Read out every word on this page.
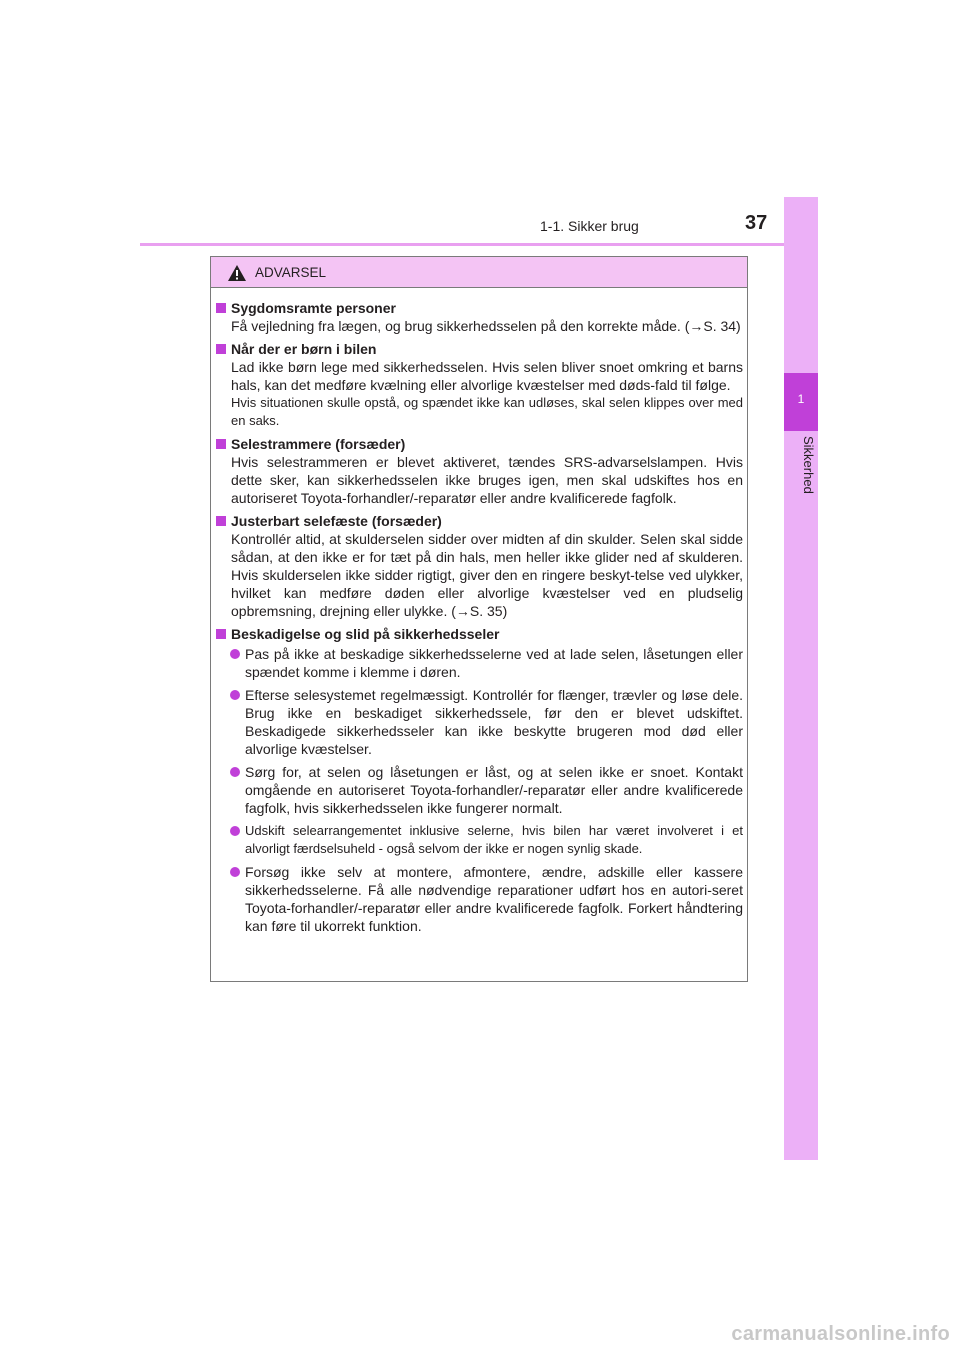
1-1. Sikker brug	37
1
Sikkerhed
ADVARSEL
Sygdomsramte personer
Få vejledning fra lægen, og brug sikkerhedsselen på den korrekte måde. (→S. 34)
Når der er børn i bilen
Lad ikke børn lege med sikkerhedsselen. Hvis selen bliver snoet omkring et barns hals, kan det medføre kvælning eller alvorlige kvæstelser med døds-fald til følge.
Hvis situationen skulle opstå, og spændet ikke kan udløses, skal selen klippes over med en saks.
Selestrammere (forsæder)
Hvis selestrammeren er blevet aktiveret, tændes SRS-advarselslampen. Hvis dette sker, kan sikkerhedsselen ikke bruges igen, men skal udskiftes hos en autoriseret Toyota-forhandler/-reparatør eller andre kvalificerede fagfolk.
Justerbart selefæste (forsæder)
Kontrollér altid, at skulderselen sidder over midten af din skulder. Selen skal sidde sådan, at den ikke er for tæt på din hals, men heller ikke glider ned af skulderen. Hvis skulderselen ikke sidder rigtigt, giver den en ringere beskyt-telse ved ulykker, hvilket kan medføre døden eller alvorlige kvæstelser ved en pludselig opbremsning, drejning eller ulykke. (→S. 35)
Beskadigelse og slid på sikkerhedsseler
Pas på ikke at beskadige sikkerhedsselerne ved at lade selen, låsetungen eller spændet komme i klemme i døren.
Efterse selesystemet regelmæssigt. Kontrollér for flænger, trævler og løse dele. Brug ikke en beskadiget sikkerhedssele, før den er blevet udskiftet. Beskadigede sikkerhedsseler kan ikke beskytte brugeren mod død eller alvorlige kvæstelser.
Sørg for, at selen og låsetungen er låst, og at selen ikke er snoet. Kontakt omgående en autoriseret Toyota-forhandler/-reparatør eller andre kvalificerede fagfolk, hvis sikkerhedsselen ikke fungerer normalt.
Udskift selearrangementet inklusive selerne, hvis bilen har været involveret i et alvorligt færdselsuheld - også selvom der ikke er nogen synlig skade.
Forsøg ikke selv at montere, afmontere, ændre, adskille eller kassere sikkerhedsselerne. Få alle nødvendige reparationer udført hos en autori-seret Toyota-forhandler/-reparatør eller andre kvalificerede fagfolk. Forkert håndtering kan føre til ukorrekt funktion.
carmanualsonline.info
